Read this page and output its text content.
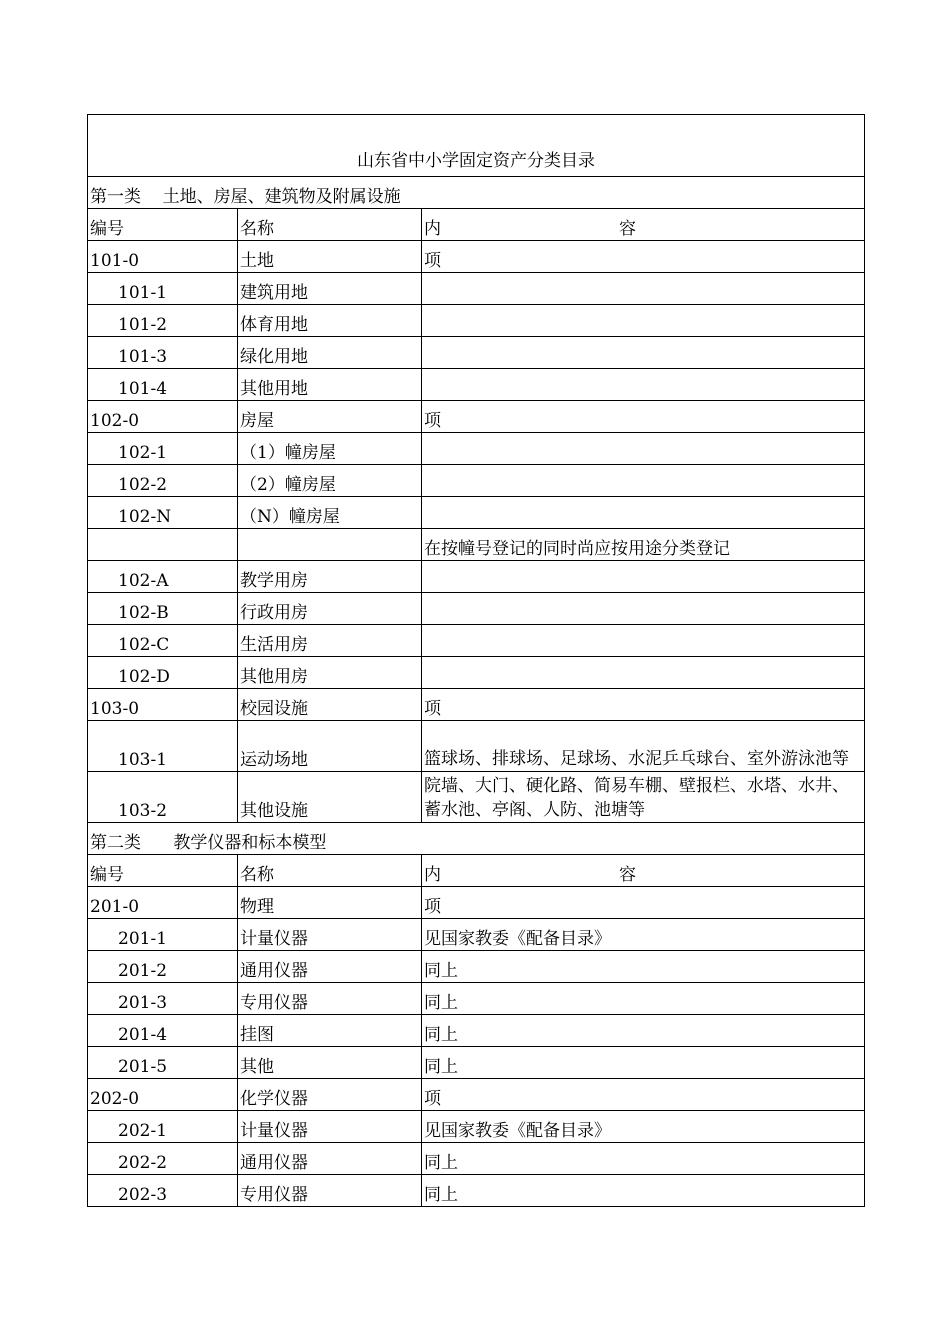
山东省中小学固定资产分类目录		
第一类    土地、房屋、建筑物及附属设施		
编号	名称	内 容
101-0	土地	项
101-1	建筑用地	
101-2	体育用地	
101-3	绿化用地	
101-4	其他用地	
102-0	房屋	项
102-1	（1）幢房屋	
102-2	（2）幢房屋	
102-N	（N）幢房屋	
		在按幢号登记的同时尚应按用途分类登记
102-A	教学用房	
102-B	行政用房	
102-C	生活用房	
102-D	其他用房	
103-0	校园设施	项
103-1	运动场地	篮球场、排球场、足球场、水泥乒乓球台、室外游泳池等
103-2	其他设施	院墙、大门、硬化路、简易车棚、壁报栏、水塔、水井、蓄水池、亭阁、人防、池塘等
第二类      教学仪器和标本模型		
编号	名称	内 容
201-0	物理	项
201-1	计量仪器	见国家教委《配备目录》
201-2	通用仪器	同上
201-3	专用仪器	同上
201-4	挂图	同上
201-5	其他	同上
202-0	化学仪器	项
202-1	计量仪器	见国家教委《配备目录》
202-2	通用仪器	同上
202-3	专用仪器	同上
